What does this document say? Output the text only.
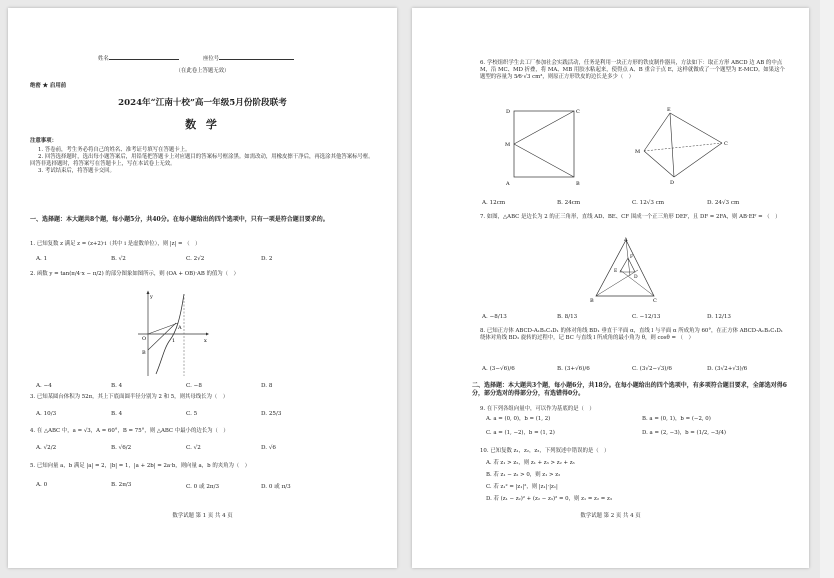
姓名	座位号
（在此卷上答题无效）
绝密 ★ 启用前
2024年“江南十校”高一年级5月份阶段联考
数 学
注意事项：
1. 答卷前，考生务必将自己的姓名、准考证号填写在答题卡上。
2. 回答选择题时，选出每小题答案后，用铅笔把答题卡上对应题目的答案标号框涂黑。如需改动，用橡皮擦干净后，再选涂其他答案标号框。回答非选择题时，将答案写在答题卡上，写在本试卷上无效。
3. 考试结束后，将答题卡交回。
一、选择题：本大题共8个题，每小题5分，共40分。在每小题给出的四个选项中，只有一项是符合题目要求的。
1. 已知复数 z 满足 z = (z+2)·i（其中 i 是虚数单位），则 |z| = （　）
A. 1	B. √2	C. 2√2	D. 2
2. 函数 y = tan(π/4·x − π/2) 的部分图象如图所示，则 (OA + OB)·AB 的值为（　）
y
x
A
B
O	1
A. −4	B. 4	C. −8	D. 8
3. 已知某圆台体积为 52π，其上下底面圆半径分别为 2 和 5，则其母线长为（　）
A. 10/3	B. 4	C. 5	D. 25/3
4. 在 △ABC 中，a = √3，A = 60°，B = 75°，则 △ABC 中最小的边长为（　）
A. √2/2	B. √6/2	C. √2	D. √6
5. 已知向量 a，b 满足 |a| = 2，|b| = 1，|a + 2b| = 2a·b，则向量 a，b 的夹角为（　）
A. 0	B. 2π/3	C. 0 或 2π/3	D. 0 或 π/3
数学试题 第 1 页 共 4 页
6. 学校组织学生去工厂参加社会实践活动，任务是利用一块正方形的铁皮制作器具，方法如下：取正方形 ABCD 边 AB 的中点 M，沿 MC、MD 折叠，将 MA、MB 用胶水粘起来，使得点 A、B 重合于点 E，这样就做成了一个题型为 E-MCD。如果这个题型的容量为 5⁄6·√3 cm³，则原正方形铁皮的边长是多少（　）
D	C
M
A	B
E
D
C
M
A. 12cm	B. 24cm	C. 12√3 cm	D. 24√3 cm
7. 如图，△ABC 是边长为 2 的正三角形，直线 AD、BE、CF 围成一个正三角形 DEF，且 DF = 2FA，则 AB·EF = （　）
A
F
E
D
B	C
A. −8/13	B. 8/13	C. −12/13	D. 12/13
8. 已知正方体 ABCD-A₁B₁C₁D₁ 的体对角线 BD₁ 垂直于平面 α，直线 l 与平面 α 所成角为 60°，在正方体 ABCD-A₁B₁C₁D₁ 绕体对角线 BD₁ 旋转的过程中，记 BC 与直线 l 所成角的最小角为 θ，则 cosθ = （　）
A. (3−√6)/6	B. (3+√6)/6	C. (3√2−√3)/6	D. (3√2+√3)/6
二、选择题：本大题共3个题，每小题6分，共18分。在每小题给出的四个选项中，有多项符合题目要求，全部选对得6分，部分选对的得部分分，有选错得0分。
9. 在下列各组向量中，可以作为基底的是（　）
A. a = (0, 0)，b = (1, 2)	B. a = (0, 1)，b = (−2, 0)
C. a = (1, −2)，b = (1, 2)	D. a = (2, −3)，b = (1/2, −3/4)
10. 已知复数 z₁，z₂，z₃，下列叙述中错误的是（　）
A. 若 z₁ > z₂，则 z₁ + z₃ > z₂ + z₃
B. 若 z₁ − z₂ > 0，则 z₁ > z₂
C. 若 z₁² = |z₁|²，则 |z₁|·|z₁|
D. 若 (z₁ − z₂)² + (z₂ − z₃)² = 0，则 z₁ = z₂ = z₃
数学试题 第 2 页 共 4 页
